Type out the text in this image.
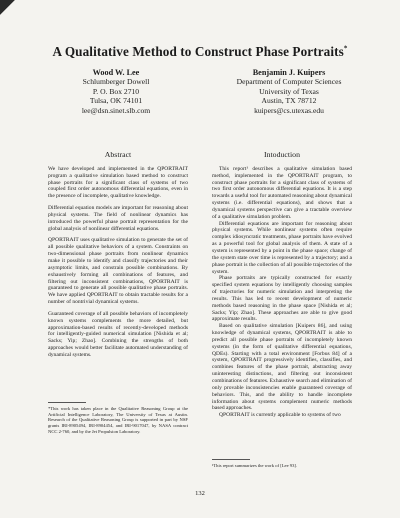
A Qualitative Method to Construct Phase Portraits*
Wood W. Lee
Schlumberger Dowell
P. O. Box 2710
Tulsa, OK 74101
lee@dsn.sinet.slb.com
Benjamin J. Kuipers
Department of Computer Sciences
University of Texas
Austin, TX 78712
kuipers@cs.utexas.edu
Abstract

We have developed and implemented in the QPORTRAIT program a qualitative simulation based method to construct phase portraits for a significant class of systems of two coupled first order autonomous differential equations, even in the presence of incomplete, qualitative knowledge.

Differential equation models are important for reasoning about physical systems. The field of nonlinear dynamics has introduced the powerful phase portrait representation for the global analysis of nonlinear differential equations.

QPORTRAIT uses qualitative simulation to generate the set of all possible qualitative behaviors of a system. Constraints on two-dimensional phase portraits from nonlinear dynamics make it possible to identify and classify trajectories and their asymptotic limits, and constrain possible combinations. By exhaustively forming all combinations of features, and filtering out inconsistent combinations, QPORTRAIT is guaranteed to generate all possible qualitative phase portraits. We have applied QPORTRAIT to obtain tractable results for a number of nontrivial dynamical systems.

Guaranteed coverage of all possible behaviors of incompletely known systems complements the more detailed, but approximation-based results of recently-developed methods for intelligently-guided numerical simulation [Nishida et al; Sacks; Yip; Zhao]. Combining the strengths of both approaches would better facilitate automated understanding of dynamical systems.

*This work has taken place in the Qualitative Reasoning Group at the Artificial Intelligence Laboratory, The University of Texas at Austin. Research of the Qualitative Reasoning Group is supported in part by NSF grants IRI-8905494, IRI-8904454, and IRI-9017047, by NASA contract NCC 2-760, and by the Jet Propulsion Laboratory.
Intoduction

This report¹ describes a qualitative simulation based method, implemented in the QPORTRAIT program, to construct phase portraits for a significant class of systems of two first order autonomous differential equations. It is a step towards a useful tool for automated reasoning about dynamical systems (i.e. differential equations), and shows that a dynamical systems perspective can give a tractable overview of a qualitative simulation problem.

Differential equations are important for reasoning about physical systems. While nonlinear systems often require complex idiosyncratic treatments, phase portraits have evolved as a powerful tool for global analysis of them. A state of a system is represented by a point in the phase space; change of the system state over time is represented by a trajectory; and a phase portrait is the collection of all possible trajectories of the system.

Phase portraits are typically constructed for exactly specified system equations by intelligently choosing samples of trajectories for numeric simulation and interpreting the results. This has led to recent development of numeric methods based reasoning in the phase space [Nishida et al; Sacks; Yip; Zhao]. These approaches are able to give good approximate results.

Based on qualitative simulation [Kuipers 86], and using knowledge of dynamical systems, QPORTRAIT is able to predict all possible phase portraits of incompletely known systems (in the form of qualitative differential equations, QDEs). Starting with a total environment [Forbus 84] of a system, QPORTRAIT progressively identifies, classifies, and combines features of the phase portrait, abstracting away uninteresting distinctions, and filtering out inconsistent combinations of features. Exhaustive search and elimination of only provable inconsistencies enable guaranteed coverage of behaviors. This, and the ability to handle incomplete information about systems complement numeric methods based approaches.

QPORTRAIT is currently applicable to systems of two

¹This report summarizes the work of [Lee 93].
132
